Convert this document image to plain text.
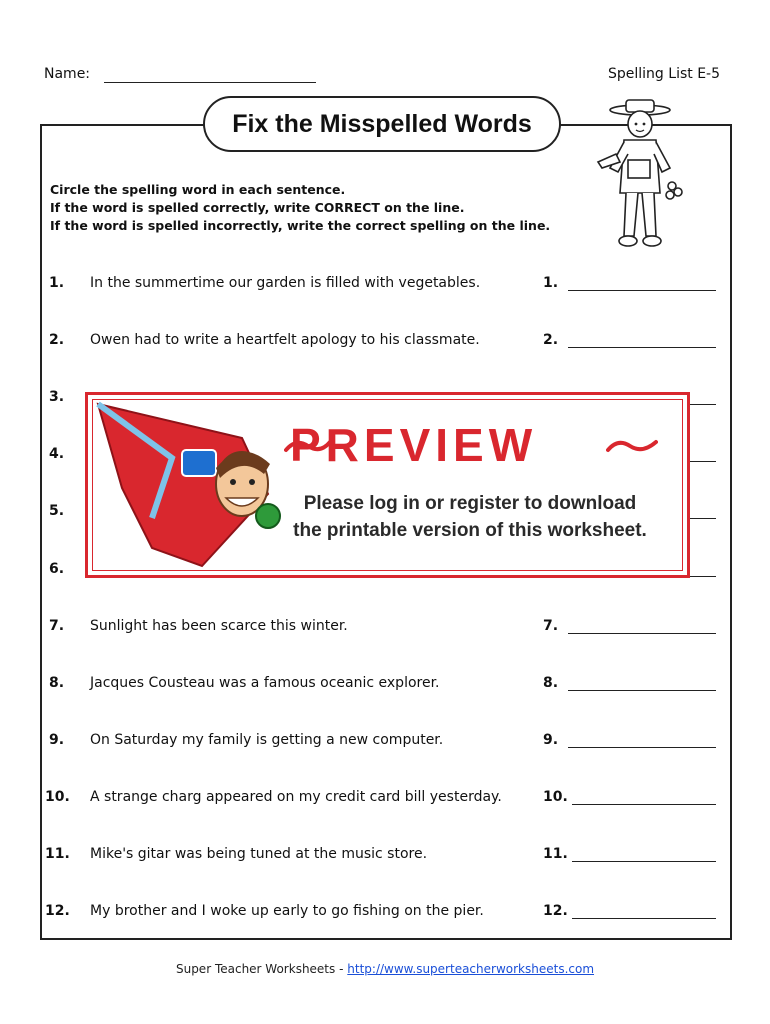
Name:	Spelling List E-5
Fix the Misspelled Words
Circle the spelling word in each sentence.
If the word is spelled correctly, write CORRECT on the line.
If the word is spelled incorrectly, write the correct spelling on the line.
1. In the summertime our garden is filled with vegetables.	1.
2. Owen had to write a heartfelt apology to his classmate.	2.
3.
4.
5.
6.
7. Sunlight has been scarce this winter.	7.
8. Jacques Cousteau was a famous oceanic explorer.	8.
9. On Saturday my family is getting a new computer.	9.
10. A strange charg appeared on my credit card bill yesterday.	10.
11. Mike's gitar was being tuned at the music store.	11.
12. My brother and I woke up early to go fishing on the pier.	12.
PREVIEW
Please log in or register to download
the printable version of this worksheet.
Super Teacher Worksheets - http://www.superteacherworksheets.com
